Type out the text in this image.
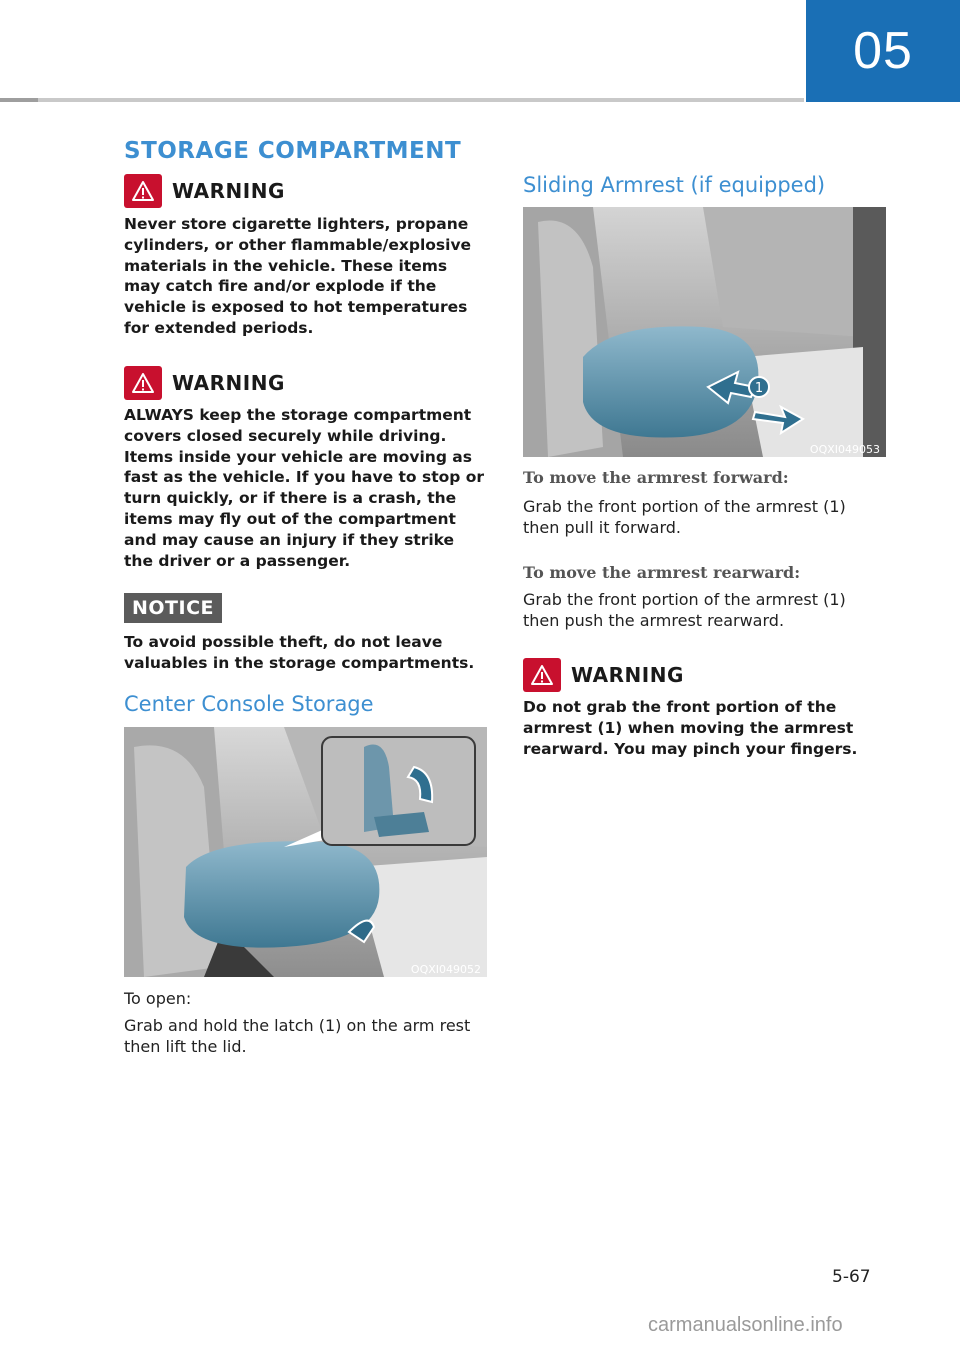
05
STORAGE COMPARTMENT
WARNING
Never store cigarette lighters, propane cylinders, or other flammable/explosive materials in the vehicle. These items may catch fire and/or explode if the vehicle is exposed to hot temperatures for extended periods.
WARNING
ALWAYS keep the storage compartment covers closed securely while driving. Items inside your vehicle are moving as fast as the vehicle. If you have to stop or turn quickly, or if there is a crash, the items may fly out of the compartment and may cause an injury if they strike the driver or a passenger.
NOTICE
To avoid possible theft, do not leave valuables in the storage compartments.
Center Console Storage
OQXI049052
To open:
Grab and hold the latch (1) on the arm rest then lift the lid.
Sliding Armrest (if equipped)
1
OQXI049053
To move the armrest forward:
Grab the front portion of the armrest (1) then pull it forward.
To move the armrest rearward:
Grab the front portion of the armrest (1) then push the armrest rearward.
WARNING
Do not grab the front portion of the armrest (1) when moving the armrest rearward. You may pinch your fingers.
5-67
carmanualsonline.info
